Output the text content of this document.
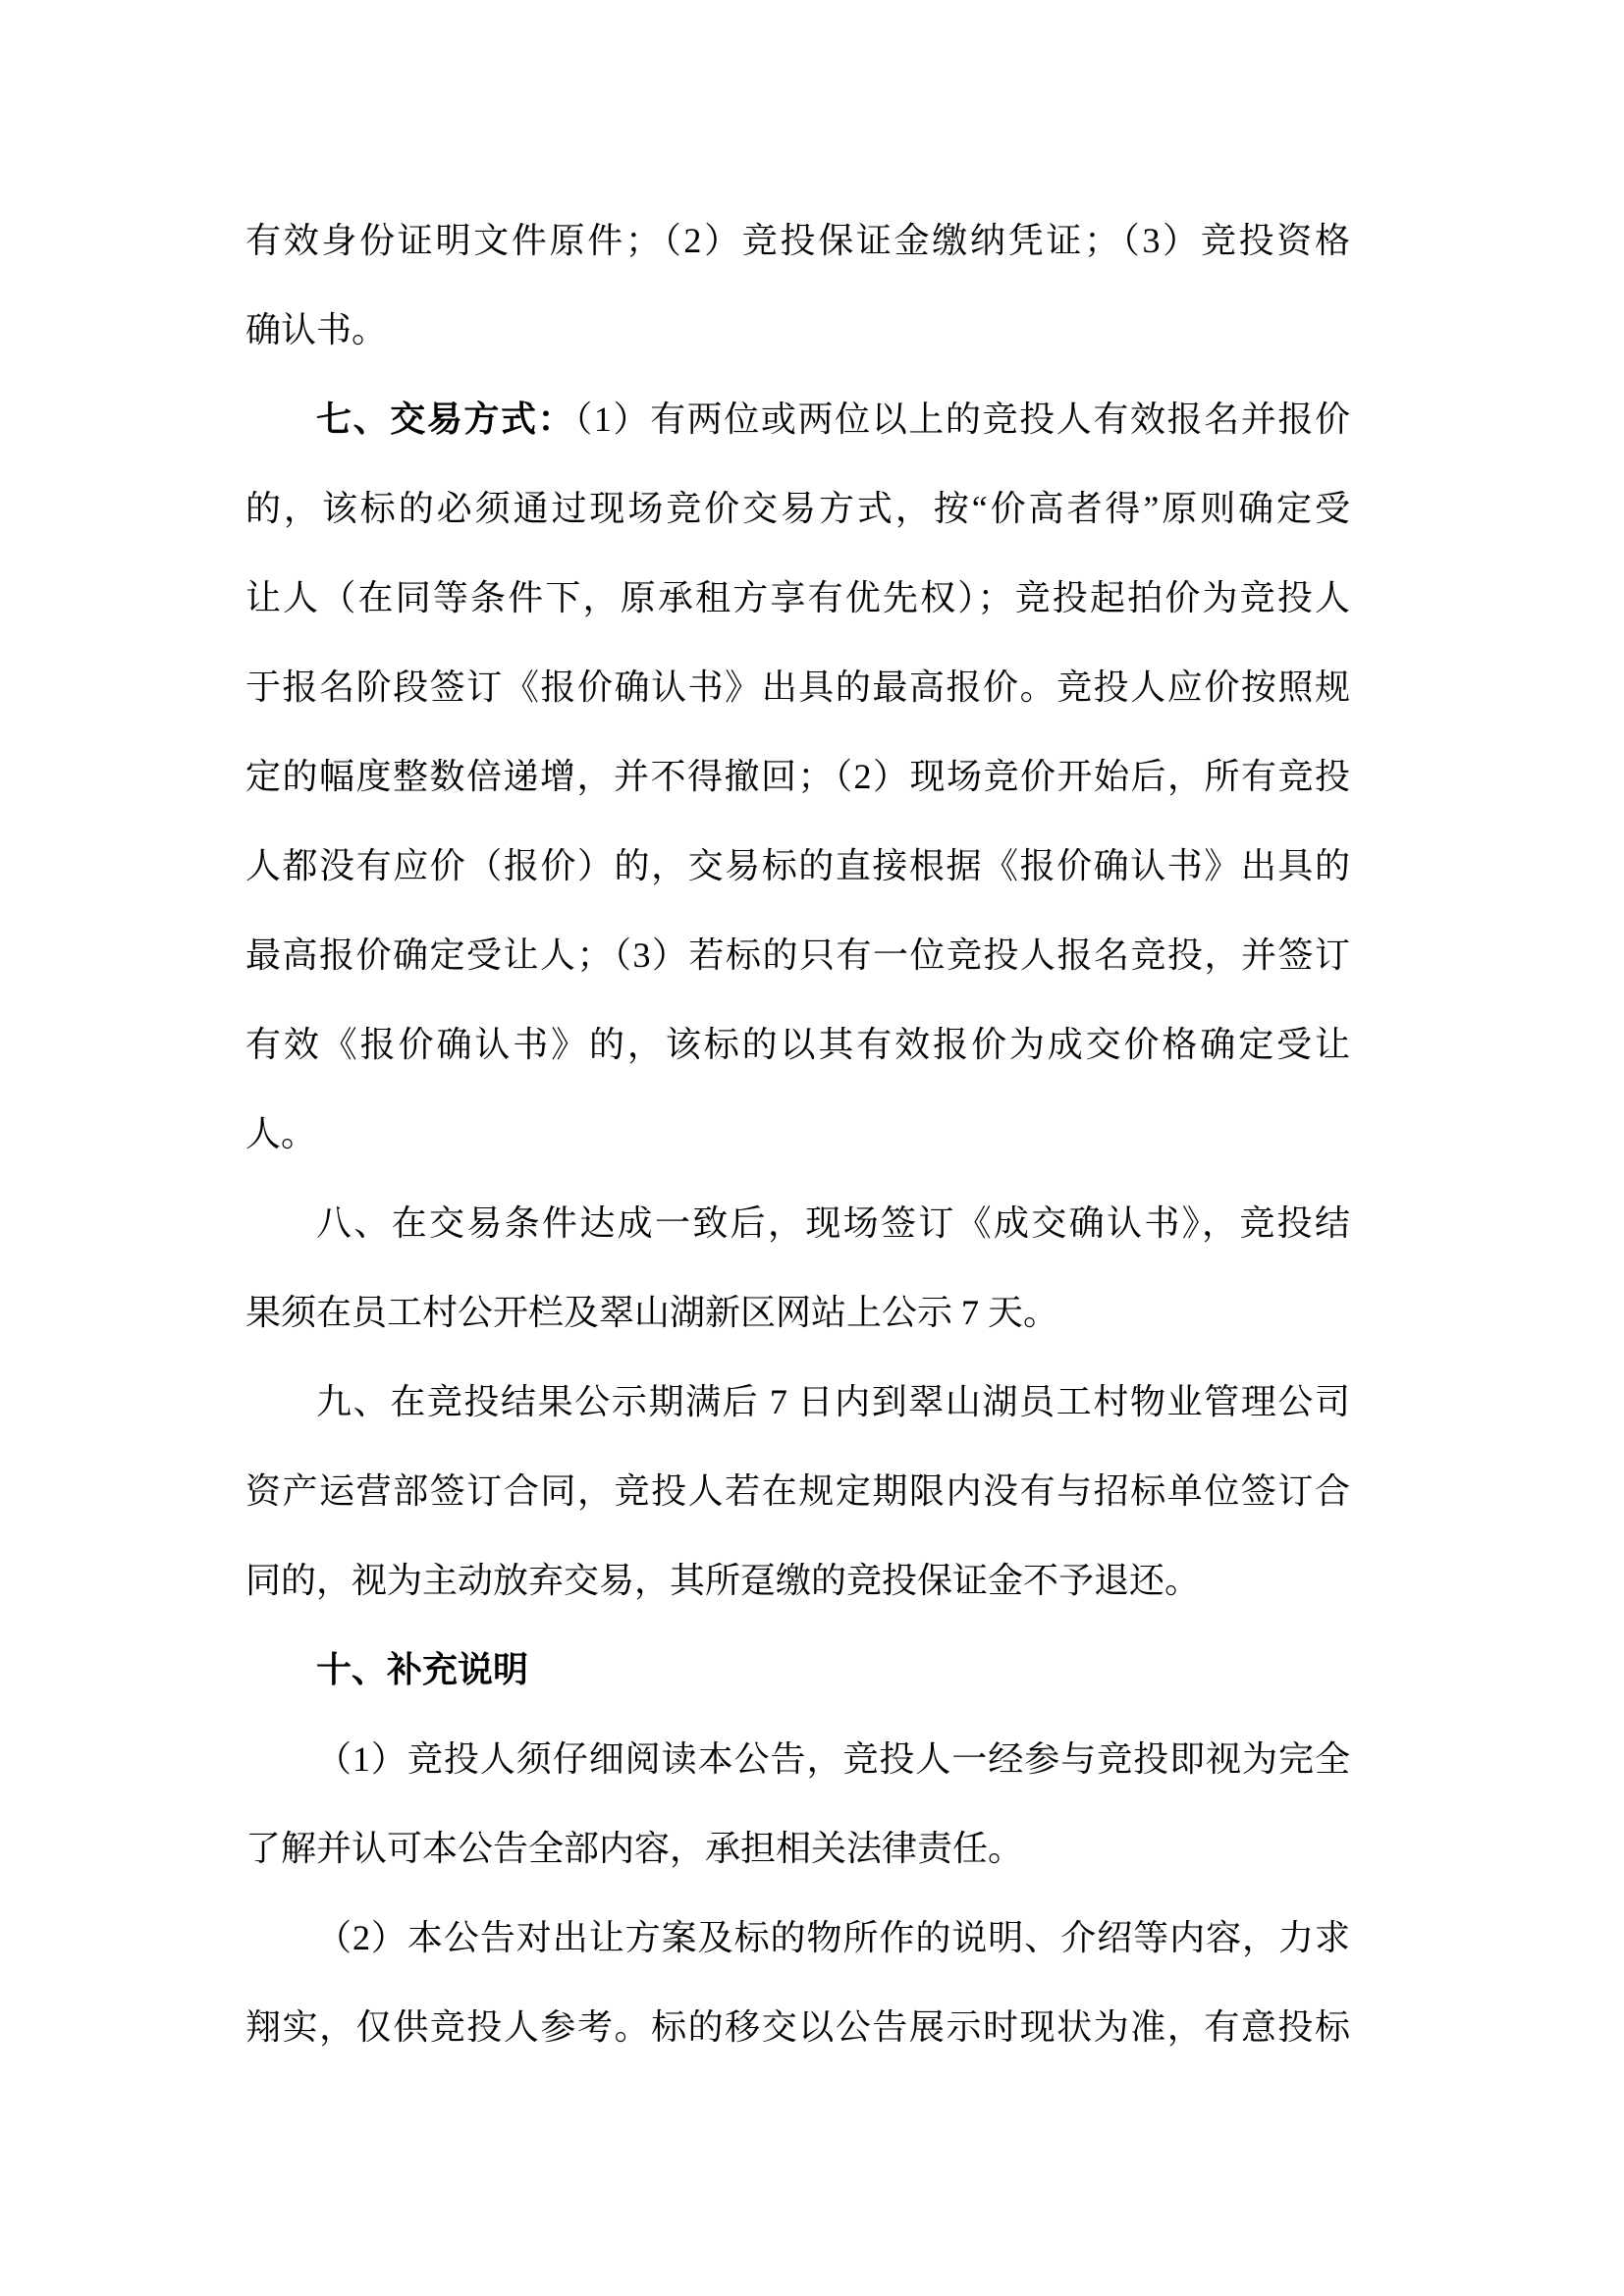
有效身份证明文件原件；（2）竞投保证金缴纳凭证；（3）竞投资格
确认书。
七、交易方式：（1）有两位或两位以上的竞投人有效报名并报价
的，该标的必须通过现场竞价交易方式，按“价高者得”原则确定受
让人（在同等条件下，原承租方享有优先权）；竞投起拍价为竞投人
于报名阶段签订《报价确认书》出具的最高报价。竞投人应价按照规
定的幅度整数倍递增，并不得撤回；（2）现场竞价开始后，所有竞投
人都没有应价（报价）的，交易标的直接根据《报价确认书》出具的
最高报价确定受让人；（3）若标的只有一位竞投人报名竞投，并签订
有效《报价确认书》的，该标的以其有效报价为成交价格确定受让
人。
八、在交易条件达成一致后，现场签订《成交确认书》，竞投结
果须在员工村公开栏及翠山湖新区网站上公示 7 天。
九、在竞投结果公示期满后 7 日内到翠山湖员工村物业管理公司
资产运营部签订合同，竞投人若在规定期限内没有与招标单位签订合
同的，视为主动放弃交易，其所趸缴的竞投保证金不予退还。
十、补充说明
（1）竞投人须仔细阅读本公告，竞投人一经参与竞投即视为完全
了解并认可本公告全部内容，承担相关法律责任。
（2）本公告对出让方案及标的物所作的说明、介绍等内容，力求
翔实，仅供竞投人参考。标的移交以公告展示时现状为准，有意投标
